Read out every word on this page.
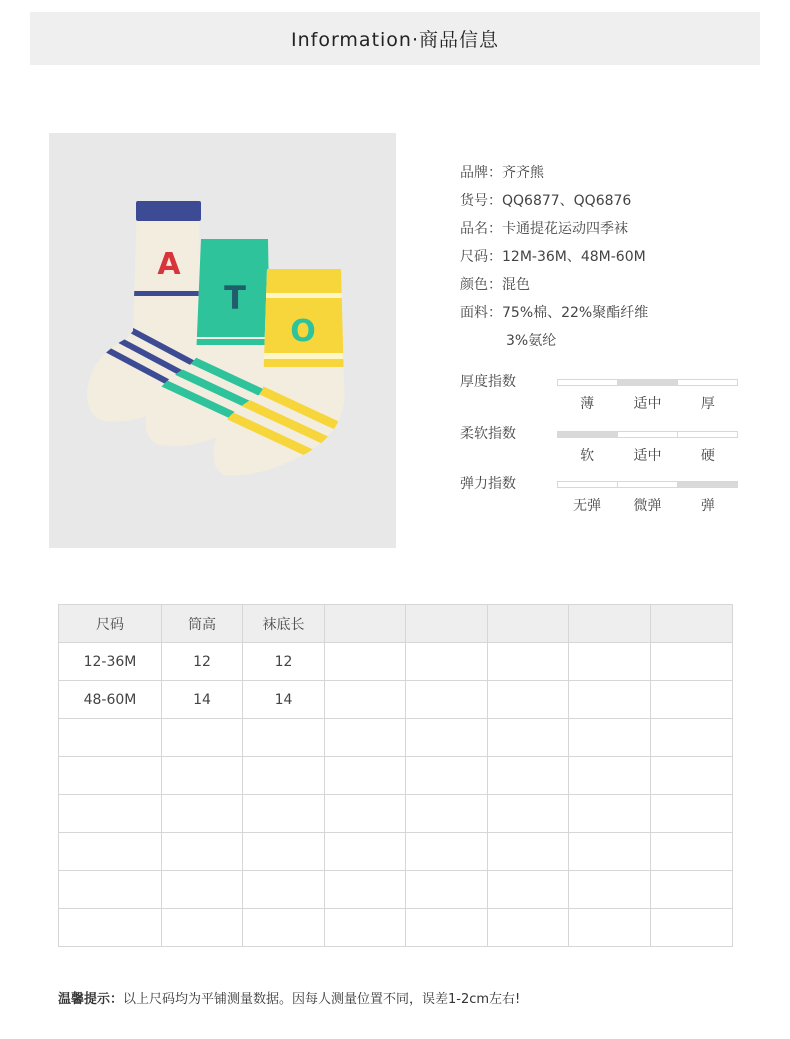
Information·商品信息
A
T
O
品牌：齐齐熊
货号：QQ6877、QQ6876
品名：卡通提花运动四季袜
尺码：12M-36M、48M-60M
颜色：混色
面料：75%棉、22%聚酯纤维
3%氨纶
厚度指数
薄	适中	厚
柔软指数
软	适中	硬
弹力指数
无弹	微弹	弹
尺码	筒高	袜底长					
12-36M	12	12					
48-60M	14	14					

温馨提示：以上尺码均为平铺测量数据。因每人测量位置不同，误差1-2cm左右!
